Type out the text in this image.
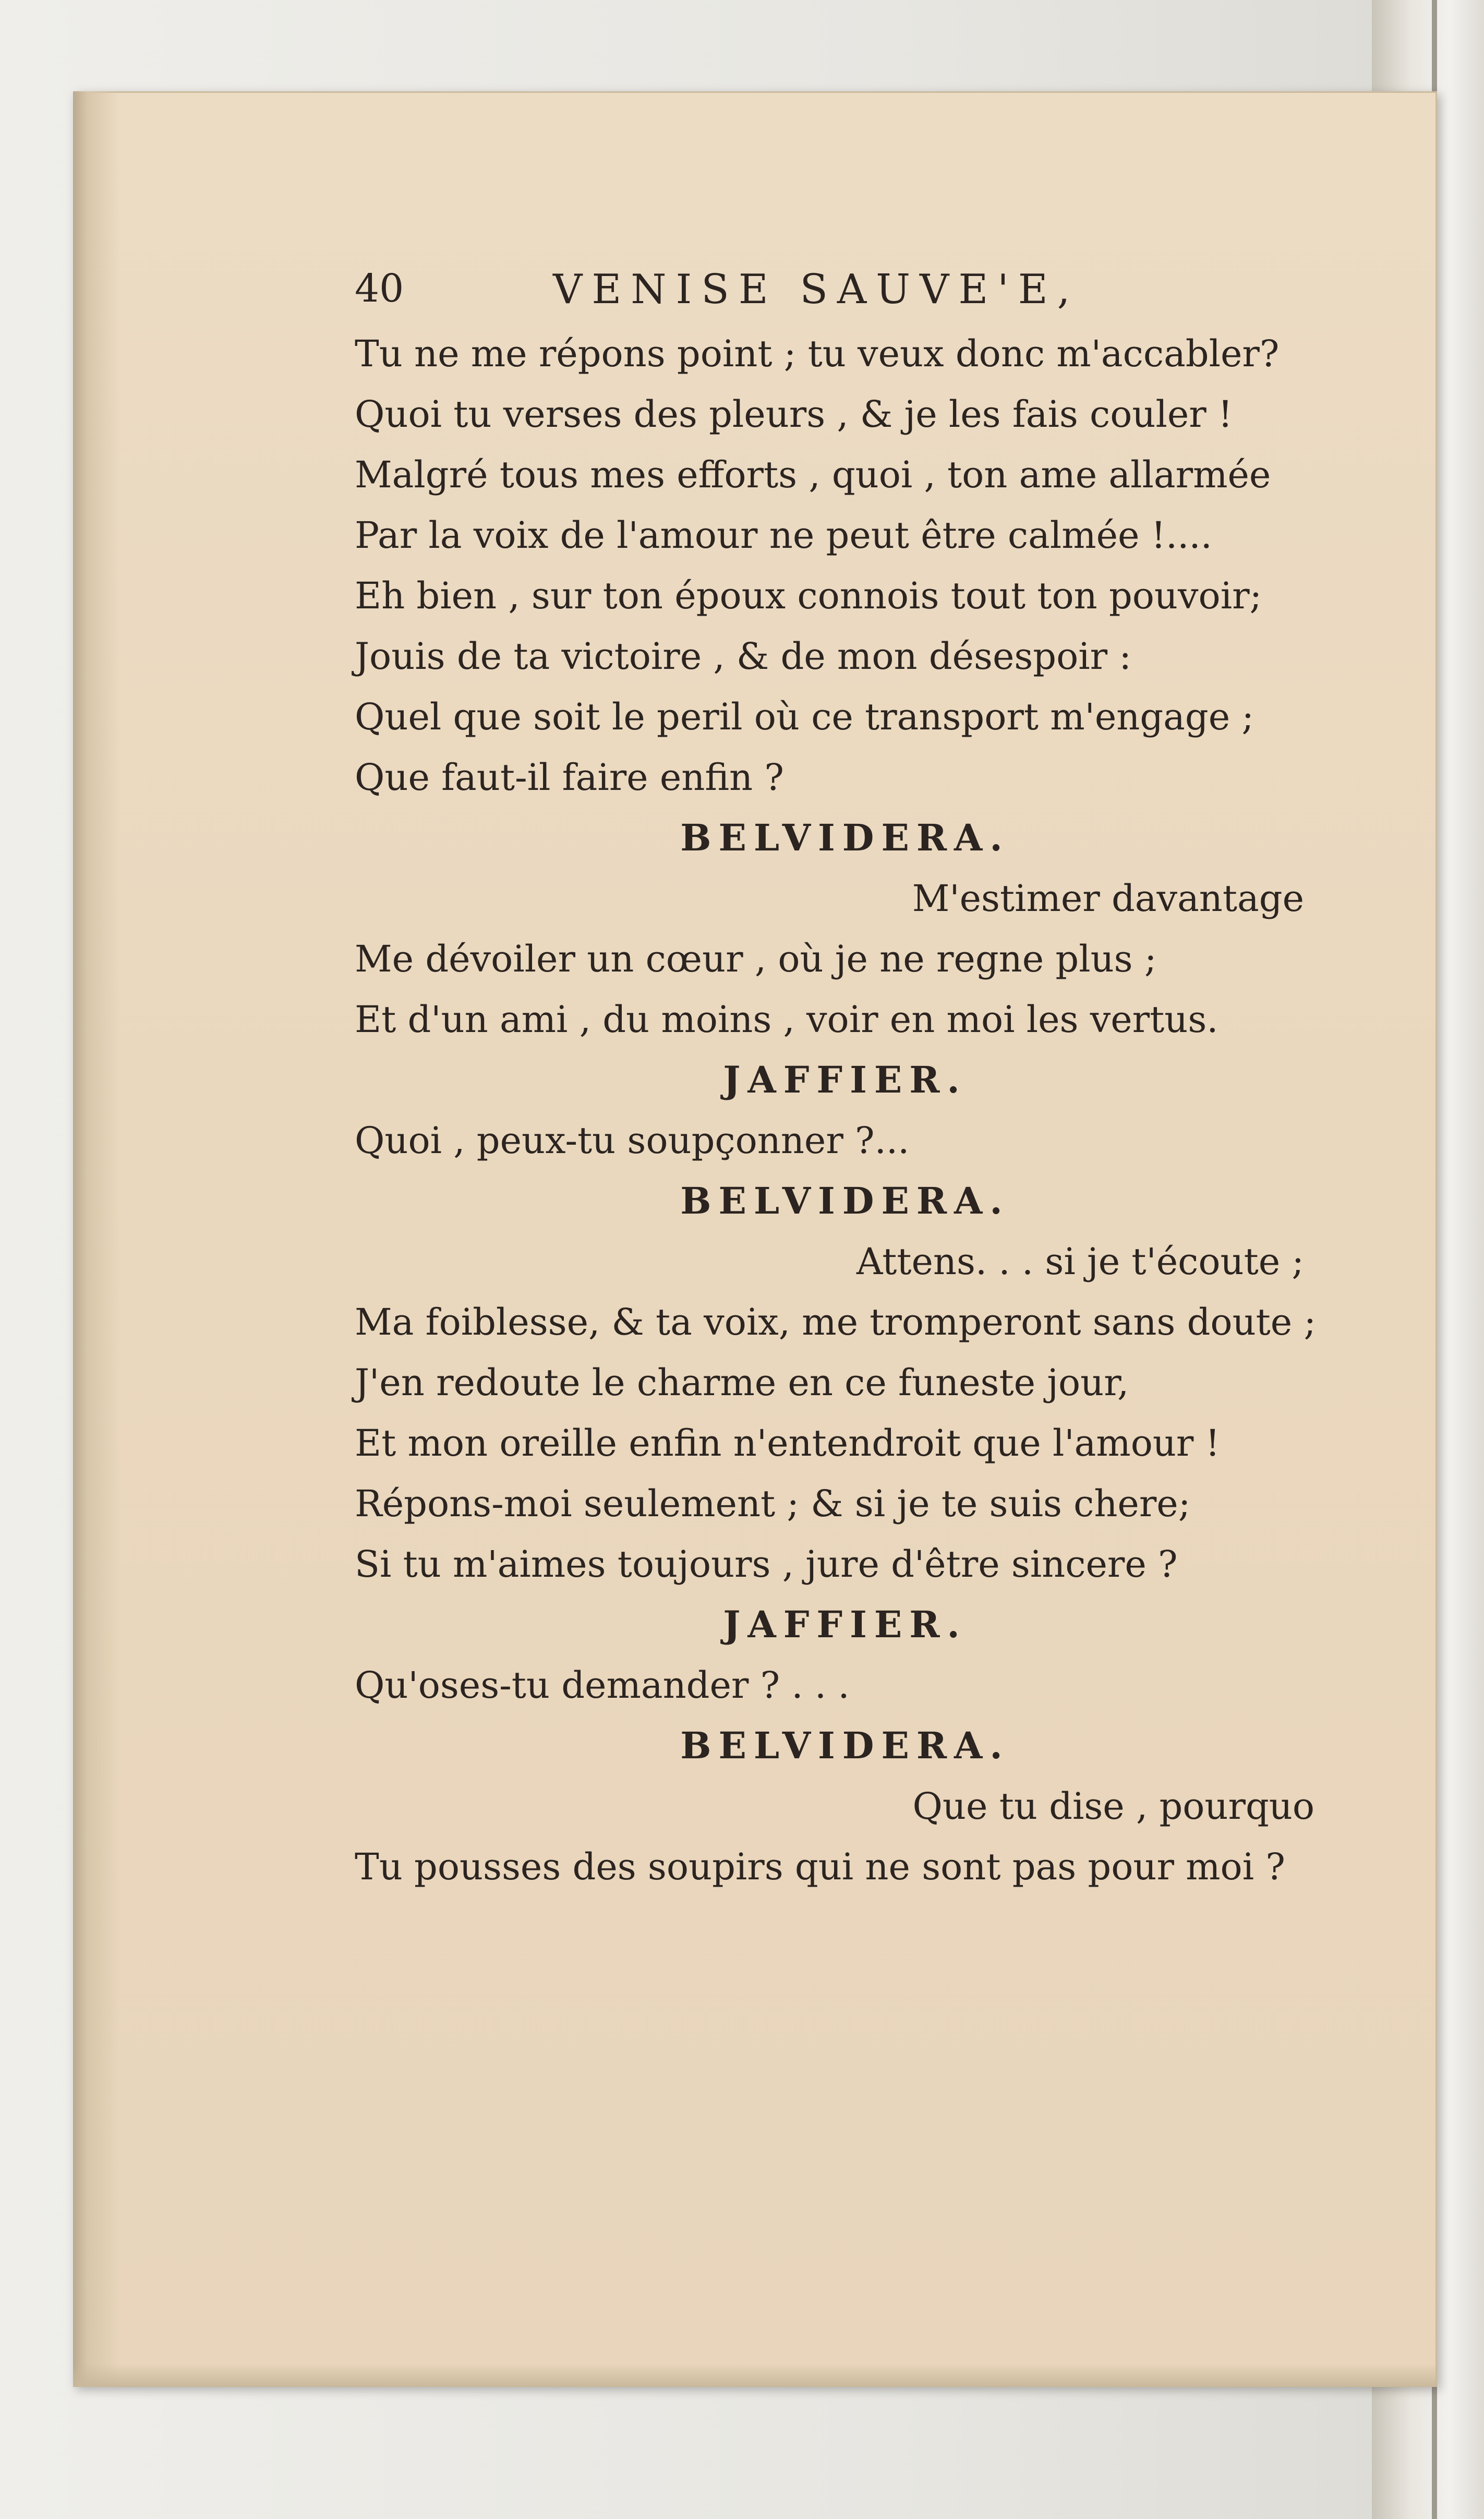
40	VENISE SAUVE'E,
Tu ne me répons point ; tu veux donc m'accabler?
Quoi tu verses des pleurs , & je les fais couler !
Malgré tous mes efforts , quoi , ton ame allarmée
Par la voix de l'amour ne peut être calmée !....
Eh bien , sur ton époux connois tout ton pouvoir;
Jouis de ta victoire , & de mon désespoir :
Quel que soit le peril où ce transport m'engage ;
Que faut-il faire enfin ?
BELVIDERA.
M'estimer davantage
Me dévoiler un cœur , où je ne regne plus ;
Et d'un ami , du moins , voir en moi les vertus.
JAFFIER.
Quoi , peux-tu soupçonner ?...
BELVIDERA.
Attens. . . si je t'écoute ;
Ma foiblesse, & ta voix, me tromperont sans doute ;
J'en redoute le charme en ce funeste jour,
Et mon oreille enfin n'entendroit que l'amour !
Répons-moi seulement ; & si je te suis chere;
Si tu m'aimes toujours , jure d'être sincere ?
JAFFIER.
Qu'oses-tu demander ? . . .
BELVIDERA.
Que tu dise , pourquo
Tu pousses des soupirs qui ne sont pas pour moi ?
